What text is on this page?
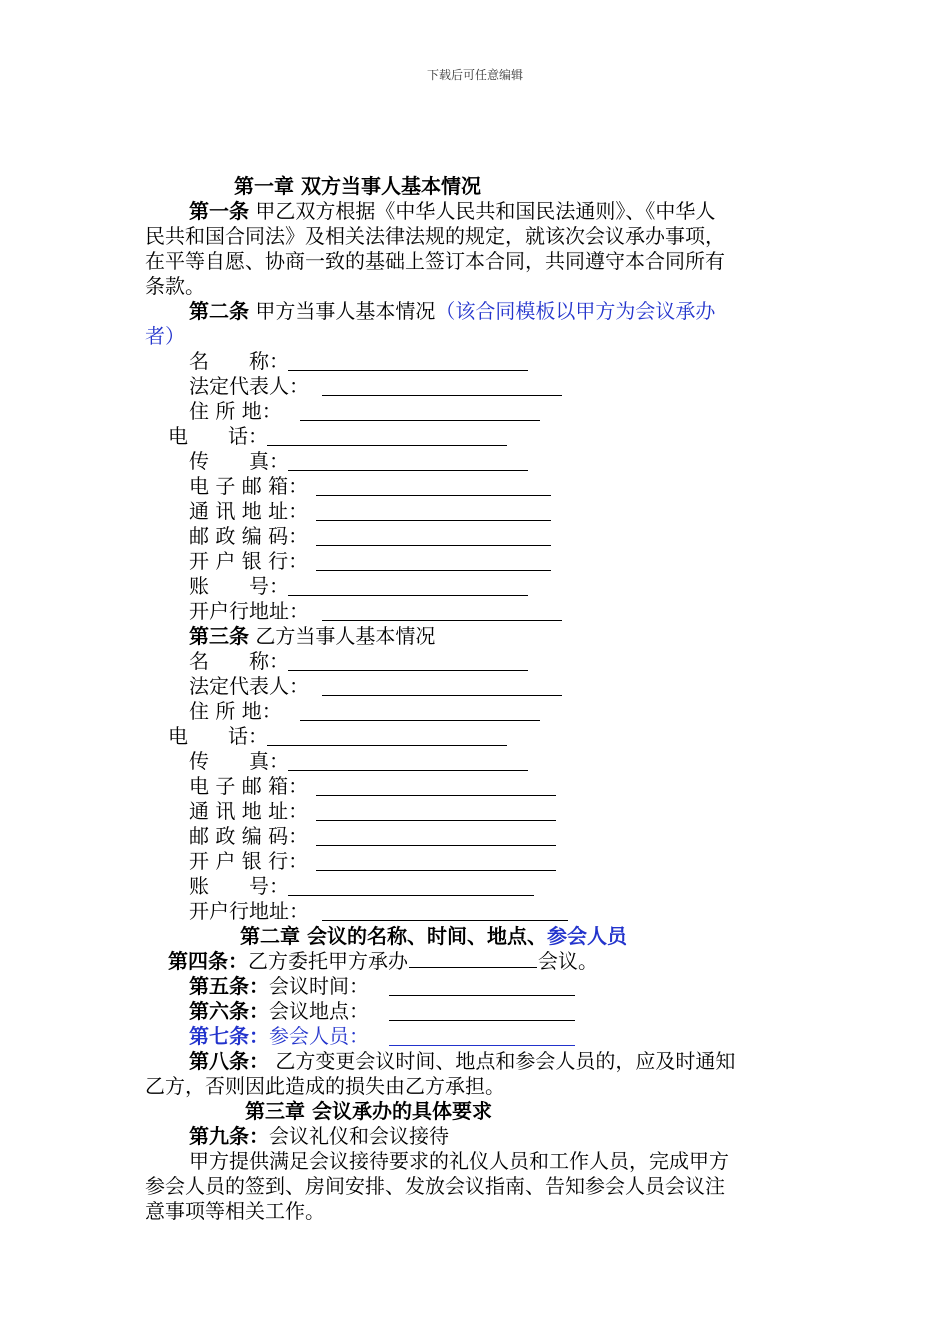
下载后可任意编辑
第一章 双方当事人基本情况
第一条 甲乙双方根据《中华人民共和国民法通则》、《中华人
民共和国合同法》及相关法律法规的规定，就该次会议承办事项，
在平等自愿、协商一致的基础上签订本合同，共同遵守本合同所有
条款。
第二条 甲方当事人基本情况（该合同模板以甲方为会议承办
者）
名　　称：
法定代表人：
住 所 地：
电　　话：
传　　真：
电 子 邮 箱：
通 讯 地 址：
邮 政 编 码：
开 户 银 行：
账　　号：
开户行地址：
第三条 乙方当事人基本情况
名　　称：
法定代表人：
住 所 地：
电　　话：
传　　真：
电 子 邮 箱：
通 讯 地 址：
邮 政 编 码：
开 户 银 行：
账　　号：
开户行地址：
第二章 会议的名称、时间、地点、参会人员
第四条：乙方委托甲方承办	会议。
第五条：会议时间：
第六条：会议地点：
第七条：参会人员：
第八条： 乙方变更会议时间、地点和参会人员的，应及时通知
乙方，否则因此造成的损失由乙方承担。
第三章 会议承办的具体要求
第九条：会议礼仪和会议接待
甲方提供满足会议接待要求的礼仪人员和工作人员，完成甲方
参会人员的签到、房间安排、发放会议指南、告知参会人员会议注
意事项等相关工作。
